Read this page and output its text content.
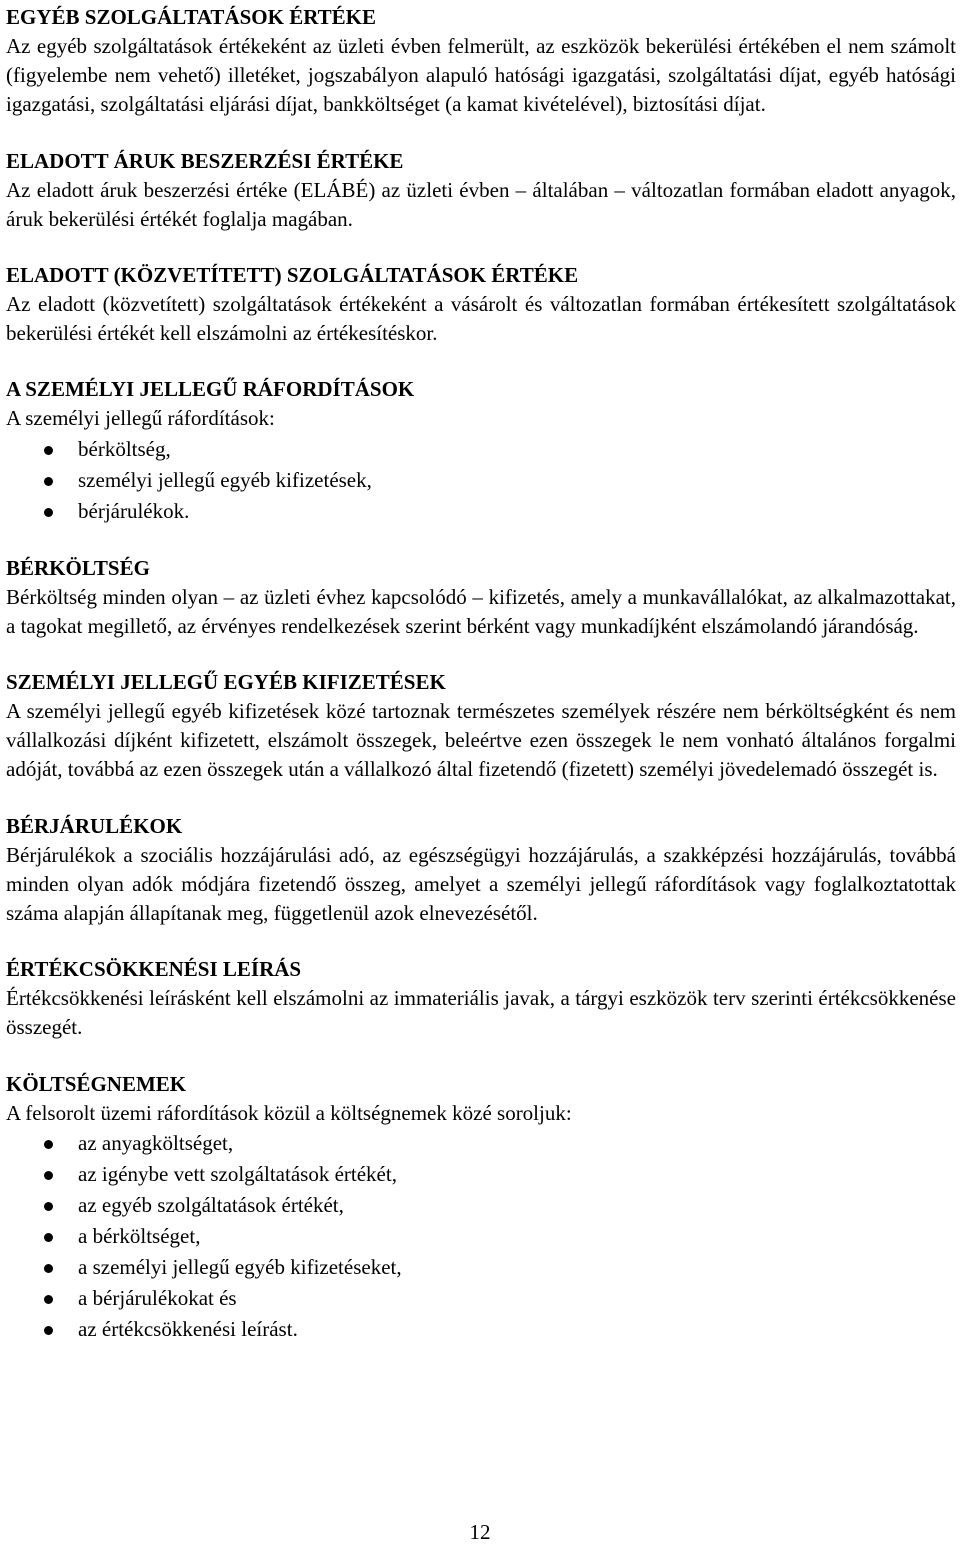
EGYÉB SZOLGÁLTATÁSOK ÉRTÉKE

Az egyéb szolgáltatások értékeként az üzleti évben felmerült, az eszközök bekerülési értékében el nem számolt (figyelembe nem vehető) illetéket, jogszabályon alapuló hatósági igazgatási, szolgáltatási díjat, egyéb hatósági igazgatási, szolgáltatási eljárási díjat, bankköltséget (a kamat kivételével), biztosítási díjat.

ELADOTT ÁRUK BESZERZÉSI ÉRTÉKE

Az eladott áruk beszerzési értéke (ELÁBÉ) az üzleti évben – általában – változatlan formában eladott anyagok, áruk bekerülési értékét foglalja magában.

ELADOTT (KÖZVETÍTETT) SZOLGÁLTATÁSOK ÉRTÉKE

Az eladott (közvetített) szolgáltatások értékeként a vásárolt és változatlan formában értékesített szolgáltatások bekerülési értékét kell elszámolni az értékesítéskor.

A SZEMÉLYI JELLEGŰ RÁFORDÍTÁSOK

A személyi jellegű ráfordítások:

bérköltség,
személyi jellegű egyéb kifizetések,
bérjárulékok.
BÉRKÖLTSÉG

Bérköltség minden olyan – az üzleti évhez kapcsolódó – kifizetés, amely a munkavállalókat, az alkalmazottakat, a tagokat megillető, az érvényes rendelkezések szerint bérként vagy munkadíjként elszámolandó járandóság.

SZEMÉLYI JELLEGŰ EGYÉB KIFIZETÉSEK

A személyi jellegű egyéb kifizetések közé tartoznak természetes személyek részére nem bérköltségként és nem vállalkozási díjként kifizetett, elszámolt összegek, beleértve ezen összegek le nem vonható általános forgalmi adóját, továbbá az ezen összegek után a vállalkozó által fizetendő (fizetett) személyi jövedelemadó összegét is.

BÉRJÁRULÉKOK

Bérjárulékok a szociális hozzájárulási adó, az egészségügyi hozzájárulás, a szakképzési hozzájárulás, továbbá minden olyan adók módjára fizetendő összeg, amelyet a személyi jellegű ráfordítások vagy foglalkoztatottak száma alapján állapítanak meg, függetlenül azok elnevezésétől.

ÉRTÉKCSÖKKENÉSI LEÍRÁS

Értékcsökkenési leírásként kell elszámolni az immateriális javak, a tárgyi eszközök terv szerinti értékcsökkenése összegét.

KÖLTSÉGNEMEK

A felsorolt üzemi ráfordítások közül a költségnemek közé soroljuk:

az anyagköltséget,
az igénybe vett szolgáltatások értékét,
az egyéb szolgáltatások értékét,
a bérköltséget,
a személyi jellegű egyéb kifizetéseket,
a bérjárulékokat és
az értékcsökkenési leírást.
12
